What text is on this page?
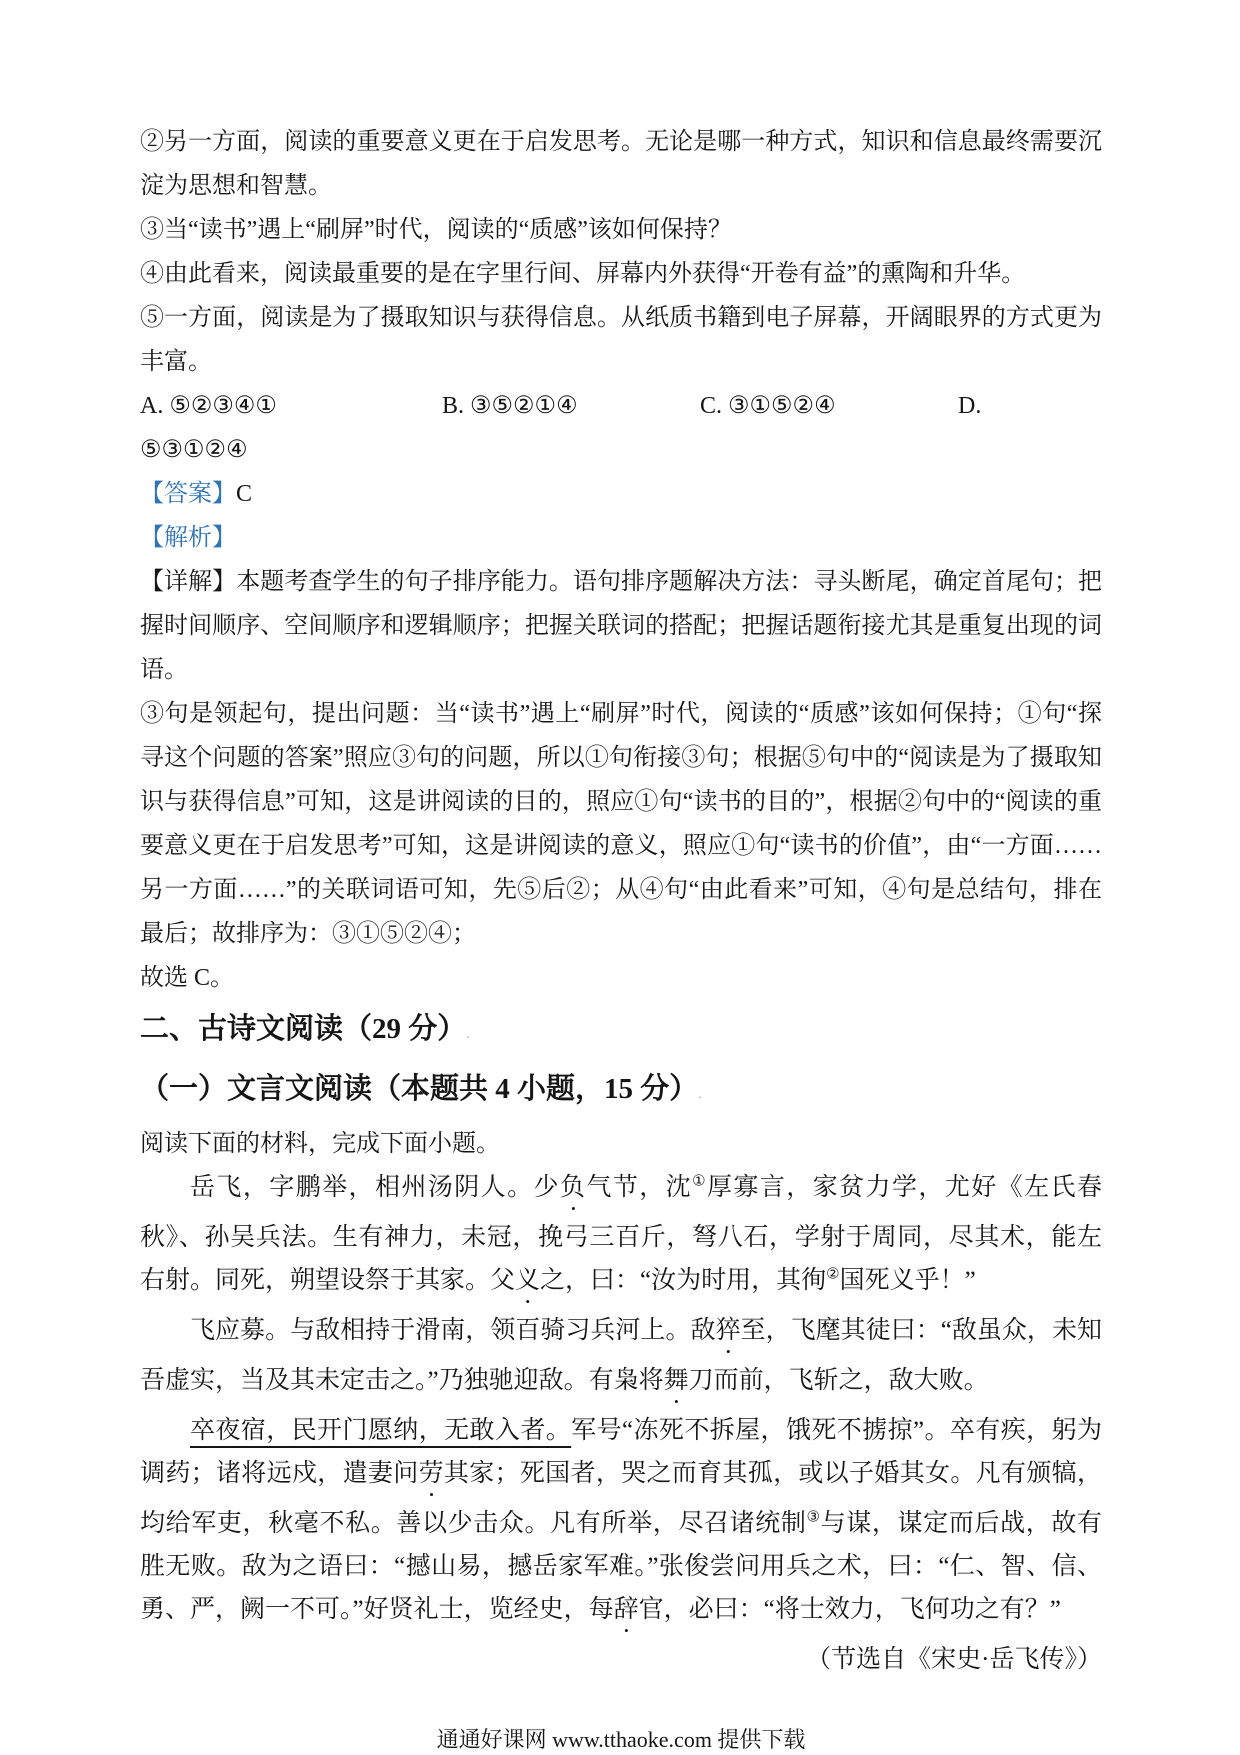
②另一方面，阅读的重要意义更在于启发思考。无论是哪一种方式，知识和信息最终需要沉淀为思想和智慧。

③当“读书”遇上“刷屏”时代，阅读的“质感”该如何保持？

④由此看来，阅读最重要的是在字里行间、屏幕内外获得“开卷有益”的熏陶和升华。

⑤一方面，阅读是为了摄取知识与获得信息。从纸质书籍到电子屏幕，开阔眼界的方式更为丰富。

A. ⑤②③④①	B. ③⑤②①④	C. ③①⑤②④	D.

⑤③①②④

【答案】C

【解析】

【详解】本题考查学生的句子排序能力。语句排序题解决方法：寻头断尾，确定首尾句；把握时间顺序、空间顺序和逻辑顺序；把握关联词的搭配；把握话题衔接尤其是重复出现的词语。

③句是领起句，提出问题：当“读书”遇上“刷屏”时代，阅读的“质感”该如何保持；①句“探寻这个问题的答案”照应③句的问题，所以①句衔接③句；根据⑤句中的“阅读是为了摄取知识与获得信息”可知，这是讲阅读的目的，照应①句“读书的目的”，根据②句中的“阅读的重要意义更在于启发思考”可知，这是讲阅读的意义，照应①句“读书的价值”，由“一方面……另一方面……”的关联词语可知，先⑤后②；从④句“由此看来”可知，④句是总结句，排在最后；故排序为：③①⑤②④；

故选 C。

二、古诗文阅读（29 分）.
（一）文言文阅读（本题共 4 小题，15 分）.

阅读下面的材料，完成下面小题。

岳飞，字鹏举，相州汤阴人。少负气节，沈①厚寡言，家贫力学，尤好《左氏春秋》、孙吴兵法。生有神力，未冠，挽弓三百斤，弩八石，学射于周同，尽其术，能左右射。同死，朔望设祭于其家。父义之，曰：“汝为时用，其徇②国死义乎！”

飞应募。与敌相持于滑南，领百骑习兵河上。敌猝至，飞麾其徒曰：“敌虽众，未知吾虚实，当及其未定击之。”乃独驰迎敌。有枭将舞刀而前，飞斩之，敌大败。

卒夜宿，民开门愿纳，无敢入者。军号“冻死不拆屋，饿死不掳掠”。卒有疾，躬为调药；诸将远戍，遣妻问劳其家；死国者，哭之而育其孤，或以子婚其女。凡有颁犒，均给军吏，秋毫不私。善以少击众。凡有所举，尽召诸统制③与谋，谋定而后战，故有胜无败。敌为之语曰：“撼山易，撼岳家军难。”张俊尝问用兵之术，曰：“仁、智、信、勇、严，阙一不可。”好贤礼士，览经史，每辞官，必曰：“将士效力，飞何功之有？”

（节选自《宋史·岳飞传》）

通通好课网 www.tthaoke.com 提供下载
